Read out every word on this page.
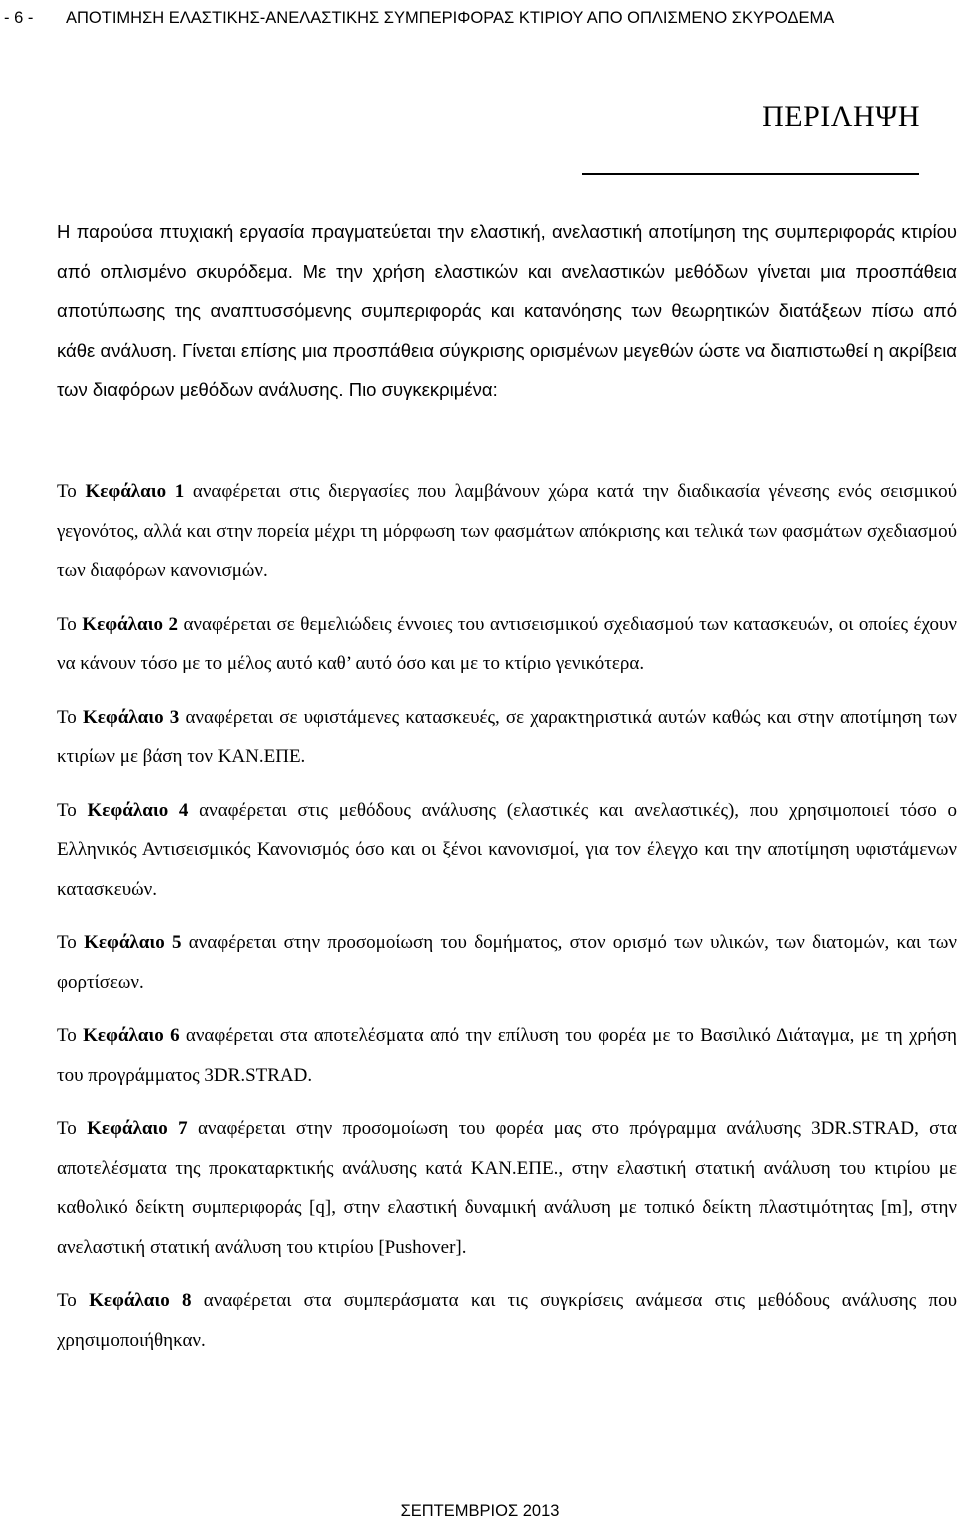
- 6 - ΑΠΟΤΙΜΗΣΗ ΕΛΑΣΤΙΚΗΣ-ΑΝΕΛΑΣΤΙΚΗΣ ΣΥΜΠΕΡΙΦΟΡΑΣ ΚΤΙΡΙΟΥ ΑΠΟ ΟΠΛΙΣΜΕΝΟ ΣΚΥΡΟΔΕΜΑ
ΠΕΡΙΛΗΨΗ

Η παρούσα πτυχιακή εργασία πραγματεύεται την ελαστική, ανελαστική αποτίμηση της συμπεριφοράς κτιρίου από οπλισμένο σκυρόδεμα. Με την χρήση ελαστικών και ανελαστικών μεθόδων γίνεται μια προσπάθεια αποτύπωσης της αναπτυσσόμενης συμπεριφοράς και κατανόησης των θεωρητικών διατάξεων πίσω από κάθε ανάλυση. Γίνεται επίσης μια προσπάθεια σύγκρισης ορισμένων μεγεθών ώστε να διαπιστωθεί η ακρίβεια των διαφόρων μεθόδων ανάλυσης. Πιο συγκεκριμένα:

Το Κεφάλαιο 1 αναφέρεται στις διεργασίες που λαμβάνουν χώρα κατά την διαδικασία γένεσης ενός σεισμικού γεγονότος, αλλά και στην πορεία μέχρι τη μόρφωση των φασμάτων απόκρισης και τελικά των φασμάτων σχεδιασμού των διαφόρων κανονισμών.

Το Κεφάλαιο 2 αναφέρεται σε θεμελιώδεις έννοιες του αντισεισμικού σχεδιασμού των κατασκευών, οι οποίες έχουν να κάνουν τόσο με το μέλος αυτό καθ’ αυτό όσο και με το κτίριο γενικότερα.

Το Κεφάλαιο 3 αναφέρεται σε υφιστάμενες κατασκευές, σε χαρακτηριστικά αυτών καθώς και στην αποτίμηση των κτιρίων με βάση τον ΚΑΝ.ΕΠΕ.

Το Κεφάλαιο 4 αναφέρεται στις μεθόδους ανάλυσης (ελαστικές και ανελαστικές), που χρησιμοποιεί τόσο ο Ελληνικός Αντισεισμικός Κανονισμός όσο και οι ξένοι κανονισμοί, για τον έλεγχο και την αποτίμηση υφιστάμενων κατασκευών.

Το Κεφάλαιο 5 αναφέρεται στην προσομοίωση του δομήματος, στον ορισμό των υλικών, των διατομών, και των φορτίσεων.

Το Κεφάλαιο 6 αναφέρεται στα αποτελέσματα από την επίλυση του φορέα με το Βασιλικό Διάταγμα, με τη χρήση του προγράμματος 3DR.STRAD.

Το Κεφάλαιο 7 αναφέρεται στην προσομοίωση του φορέα μας στο πρόγραμμα ανάλυσης 3DR.STRAD, στα αποτελέσματα της προκαταρκτικής ανάλυσης κατά ΚΑΝ.ΕΠΕ., στην ελαστική στατική ανάλυση του κτιρίου με καθολικό δείκτη συμπεριφοράς [q], στην ελαστική δυναμική ανάλυση με τοπικό δείκτη πλαστιμότητας [m], στην ανελαστική στατική ανάλυση του κτιρίου [Pushover].

Το Κεφάλαιο 8 αναφέρεται στα συμπεράσματα και τις συγκρίσεις ανάμεσα στις μεθόδους ανάλυσης που χρησιμοποιήθηκαν.

ΣΕΠΤΕΜΒΡΙΟΣ 2013
